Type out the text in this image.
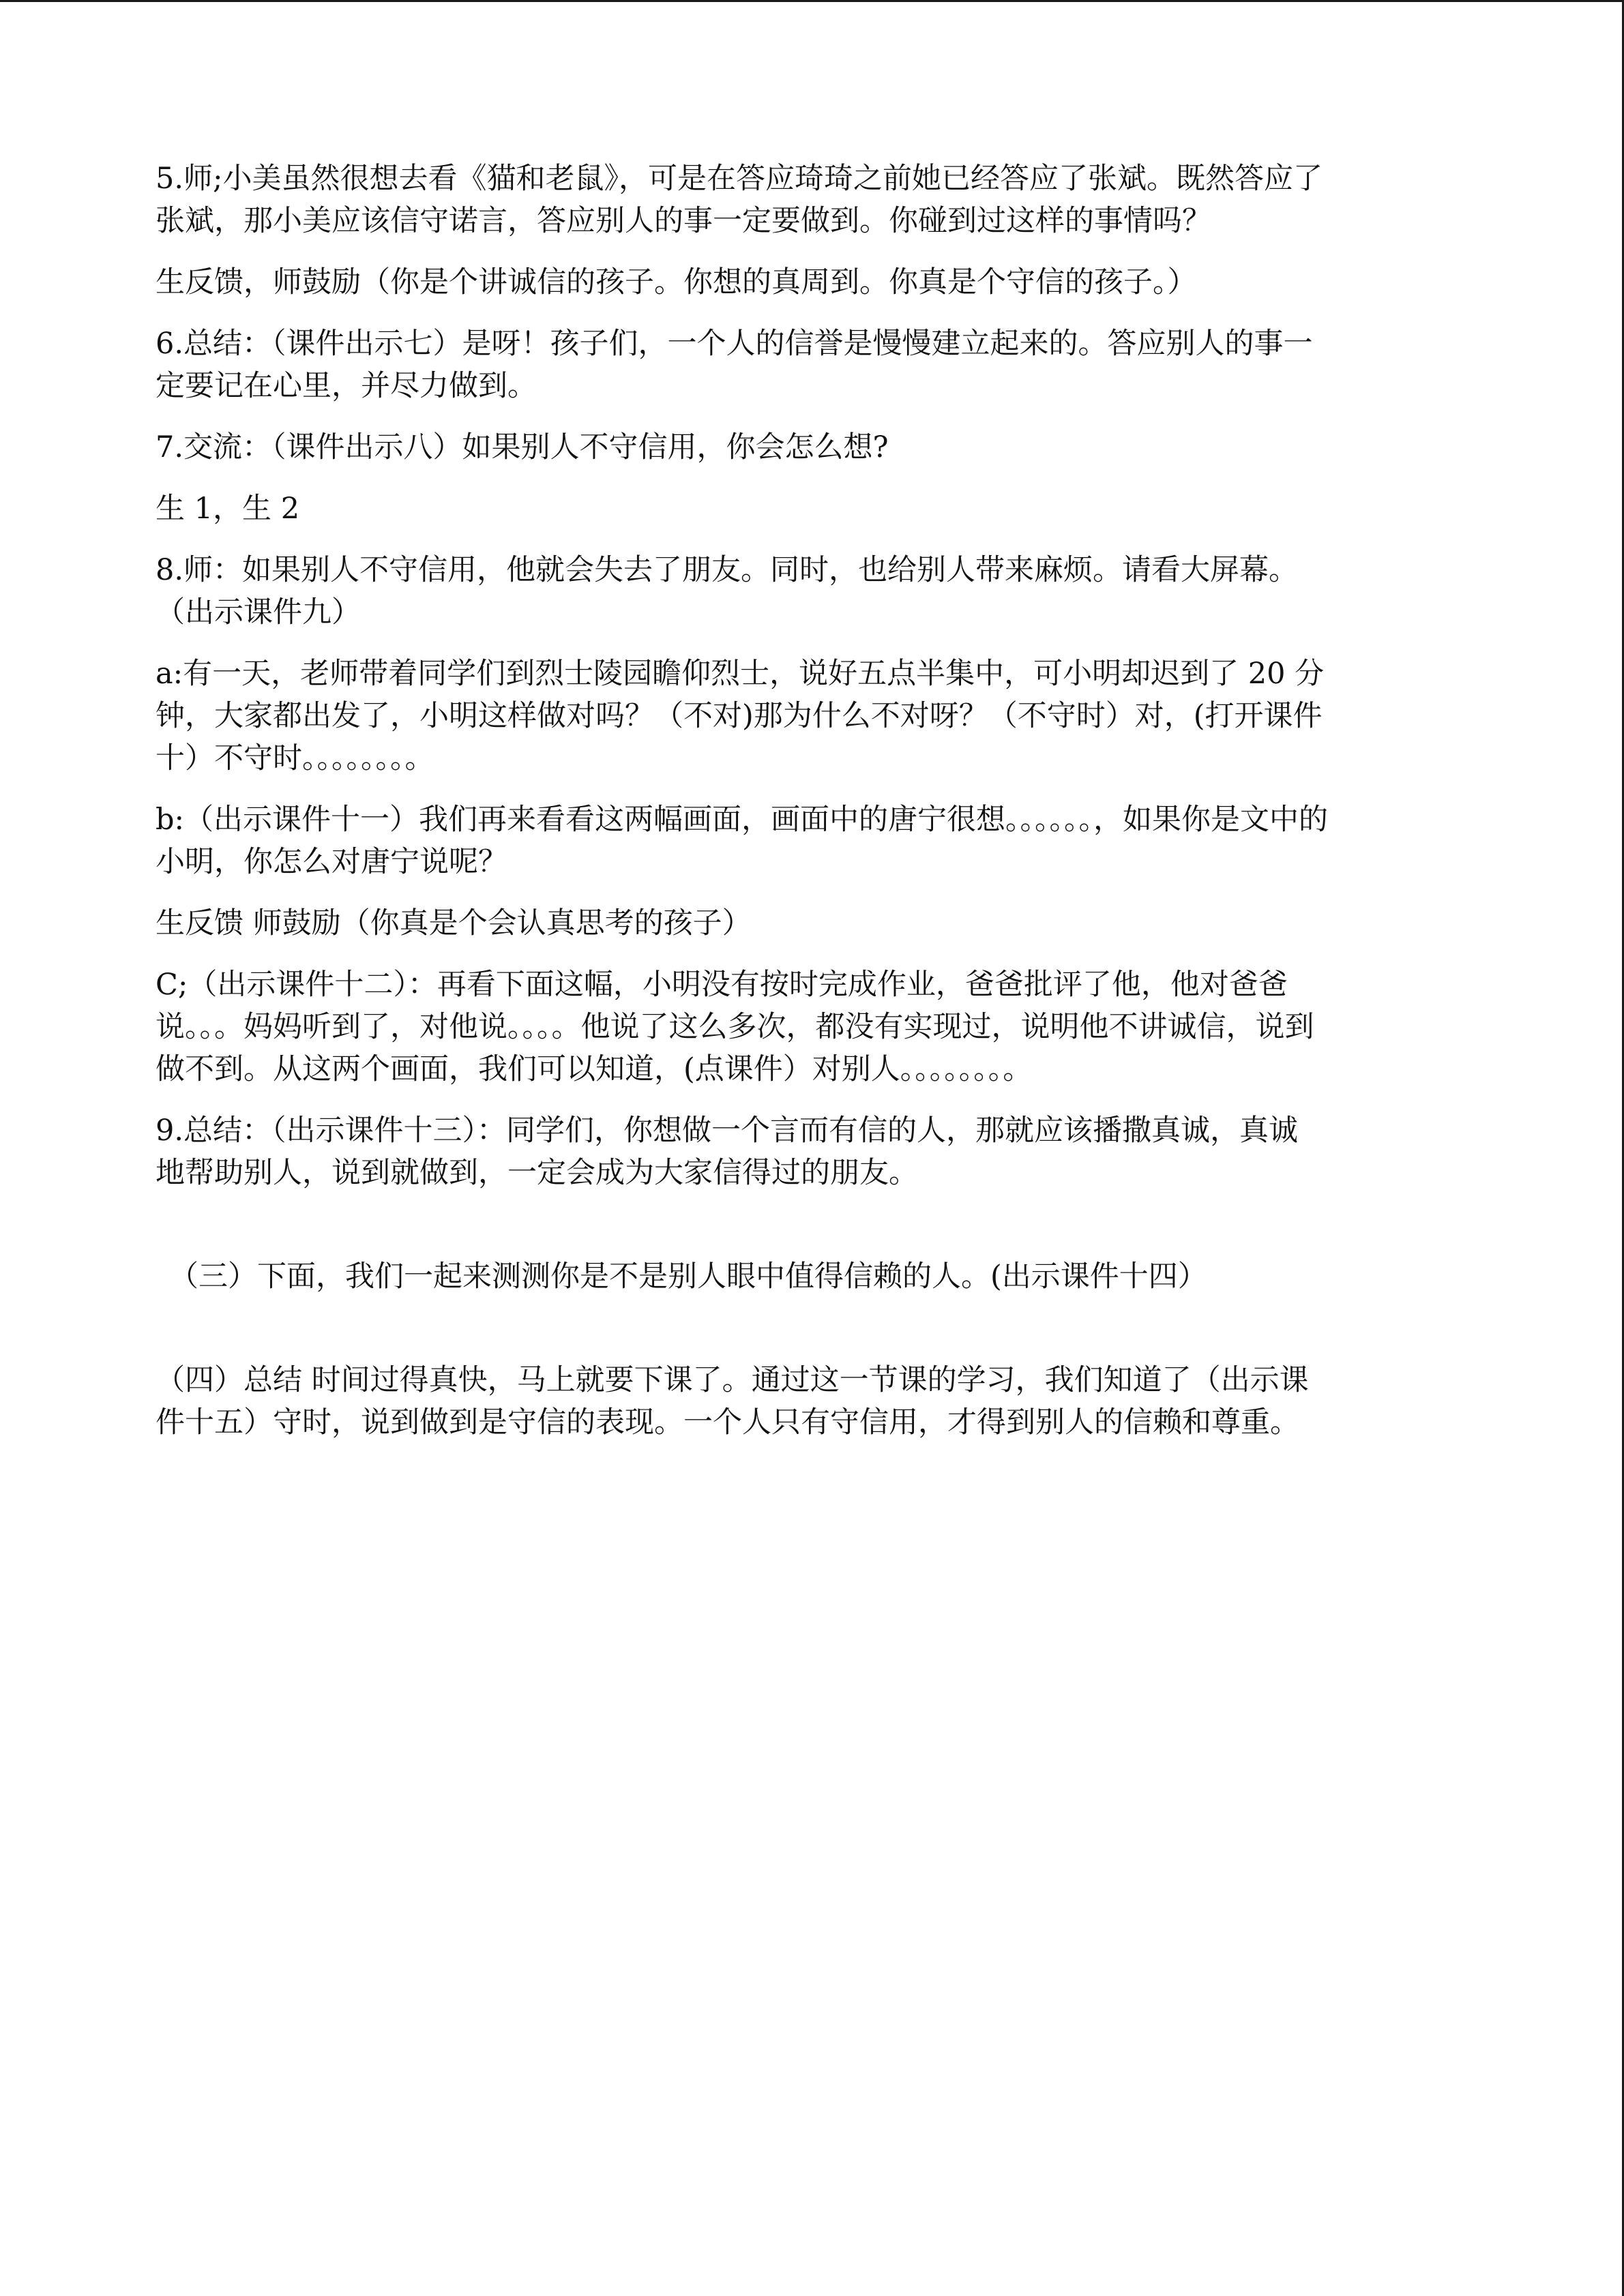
5.师;小美虽然很想去看《猫和老鼠》，可是在答应琦琦之前她已经答应了张斌。既然答应了
张斌，那小美应该信守诺言，答应别人的事一定要做到。你碰到过这样的事情吗？

生反馈，师鼓励（你是个讲诚信的孩子。你想的真周到。你真是个守信的孩子。）

6.总结：（课件出示七）是呀！孩子们，一个人的信誉是慢慢建立起来的。答应别人的事一
定要记在心里，并尽力做到。

7.交流：（课件出示八）如果别人不守信用，你会怎么想?

生 1，生 2

8.师：如果别人不守信用，他就会失去了朋友。同时，也给别人带来麻烦。请看大屏幕。
（出示课件九）

a:有一天，老师带着同学们到烈士陵园瞻仰烈士，说好五点半集中，可小明却迟到了 20 分
钟，大家都出发了，小明这样做对吗？（不对)那为什么不对呀？（不守时）对，(打开课件
十）不守时。。。。。。。。

b:（出示课件十一）我们再来看看这两幅画面，画面中的唐宁很想。。。。。。，如果你是文中的
小明，你怎么对唐宁说呢？

生反馈 师鼓励（你真是个会认真思考的孩子）

C;（出示课件十二）：再看下面这幅，小明没有按时完成作业，爸爸批评了他，他对爸爸
说。。。妈妈听到了，对他说。。。。他说了这么多次，都没有实现过，说明他不讲诚信，说到
做不到。从这两个画面，我们可以知道，(点课件）对别人。。。。。。。。

9.总结：（出示课件十三）：同学们，你想做一个言而有信的人，那就应该播撒真诚，真诚
地帮助别人，说到就做到，一定会成为大家信得过的朋友。

（三）下面，我们一起来测测你是不是别人眼中值得信赖的人。(出示课件十四）

（四）总结 时间过得真快，马上就要下课了。通过这一节课的学习，我们知道了（出示课
件十五）守时，说到做到是守信的表现。一个人只有守信用，才得到别人的信赖和尊重。
